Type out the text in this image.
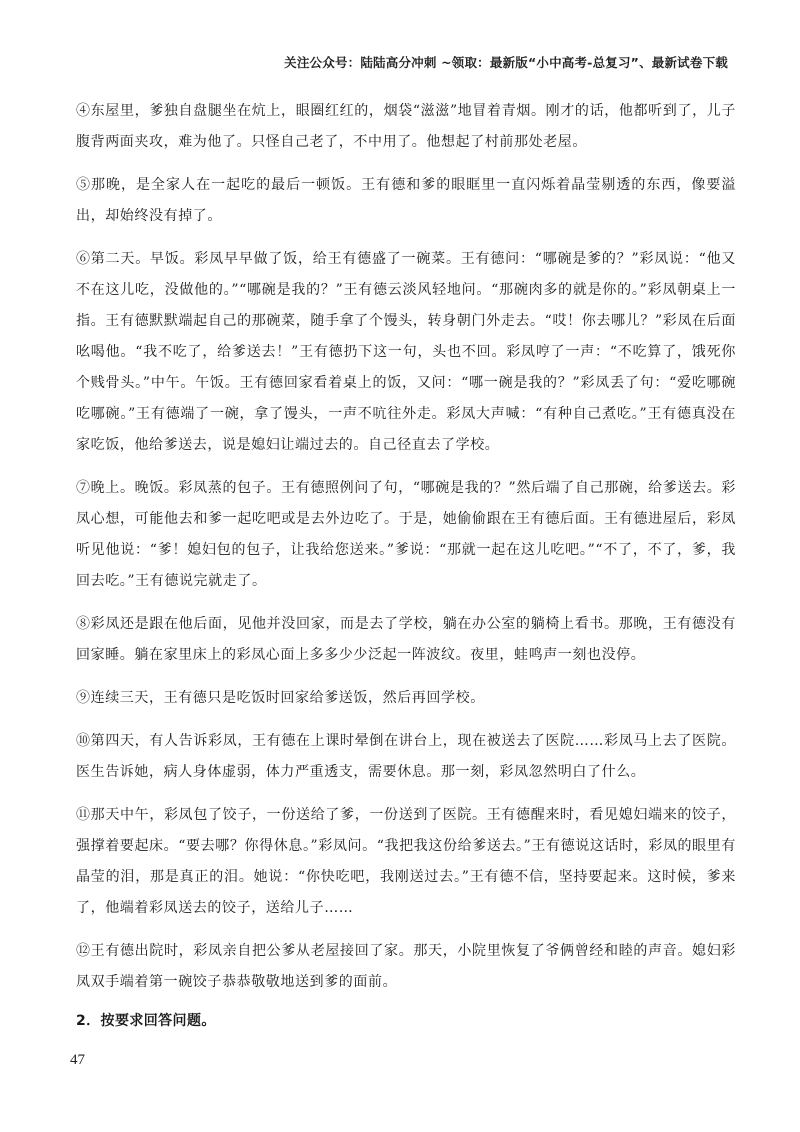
关注公众号：陆陆高分冲刺 ~领取：最新版“小中高考-总复习”、最新试卷下载

④东屋里，爹独自盘腿坐在炕上，眼圈红红的，烟袋“滋滋”地冒着青烟。刚才的话，他都听到了，儿子腹背两面夹攻，难为他了。只怪自己老了，不中用了。他想起了村前那处老屋。

⑤那晚，是全家人在一起吃的最后一顿饭。王有德和爹的眼眶里一直闪烁着晶莹剔透的东西，像要溢出，却始终没有掉了。

⑥第二天。早饭。彩凤早早做了饭，给王有德盛了一碗菜。王有德问：“哪碗是爹的？”彩凤说：“他又不在这儿吃，没做他的。”“哪碗是我的？”王有德云淡风轻地问。“那碗肉多的就是你的。”彩凤朝桌上一指。王有德默默端起自己的那碗菜，随手拿了个馒头，转身朝门外走去。“哎！你去哪儿？”彩凤在后面吆喝他。“我不吃了，给爹送去！”王有德扔下这一句，头也不回。彩凤哼了一声：“不吃算了，饿死你个贱骨头。”中午。午饭。王有德回家看着桌上的饭，又问：“哪一碗是我的？”彩凤丢了句：“爱吃哪碗吃哪碗。”王有德端了一碗，拿了馒头，一声不吭往外走。彩凤大声喊：“有种自己煮吃。”王有德真没在家吃饭，他给爹送去，说是媳妇让端过去的。自己径直去了学校。

⑦晚上。晚饭。彩凤蒸的包子。王有德照例问了句，“哪碗是我的？”然后端了自己那碗，给爹送去。彩凤心想，可能他去和爹一起吃吧或是去外边吃了。于是，她偷偷跟在王有德后面。王有德进屋后，彩凤听见他说：“爹！媳妇包的包子，让我给您送来。”爹说：“那就一起在这儿吃吧。”“不了，不了，爹，我回去吃。”王有德说完就走了。

⑧彩凤还是跟在他后面，见他并没回家，而是去了学校，躺在办公室的躺椅上看书。那晚，王有德没有回家睡。躺在家里床上的彩凤心面上多多少少泛起一阵波纹。夜里，蛙鸣声一刻也没停。

⑨连续三天，王有德只是吃饭时回家给爹送饭，然后再回学校。

⑩第四天，有人告诉彩凤，王有德在上课时晕倒在讲台上，现在被送去了医院……彩凤马上去了医院。医生告诉她，病人身体虚弱，体力严重透支，需要休息。那一刻，彩凤忽然明白了什么。

⑪那天中午，彩凤包了饺子，一份送给了爹，一份送到了医院。王有德醒来时，看见媳妇端来的饺子，强撑着要起床。“要去哪？你得休息。”彩凤问。“我把我这份给爹送去。”王有德说这话时，彩凤的眼里有晶莹的泪，那是真正的泪。她说：“你快吃吧，我刚送过去。”王有德不信，坚持要起来。这时候，爹来了，他端着彩凤送去的饺子，送给儿子……

⑫王有德出院时，彩凤亲自把公爹从老屋接回了家。那天，小院里恢复了爷俩曾经和睦的声音。媳妇彩凤双手端着第一碗饺子恭恭敬敬地送到爹的面前。

2．按要求回答问题。
47
